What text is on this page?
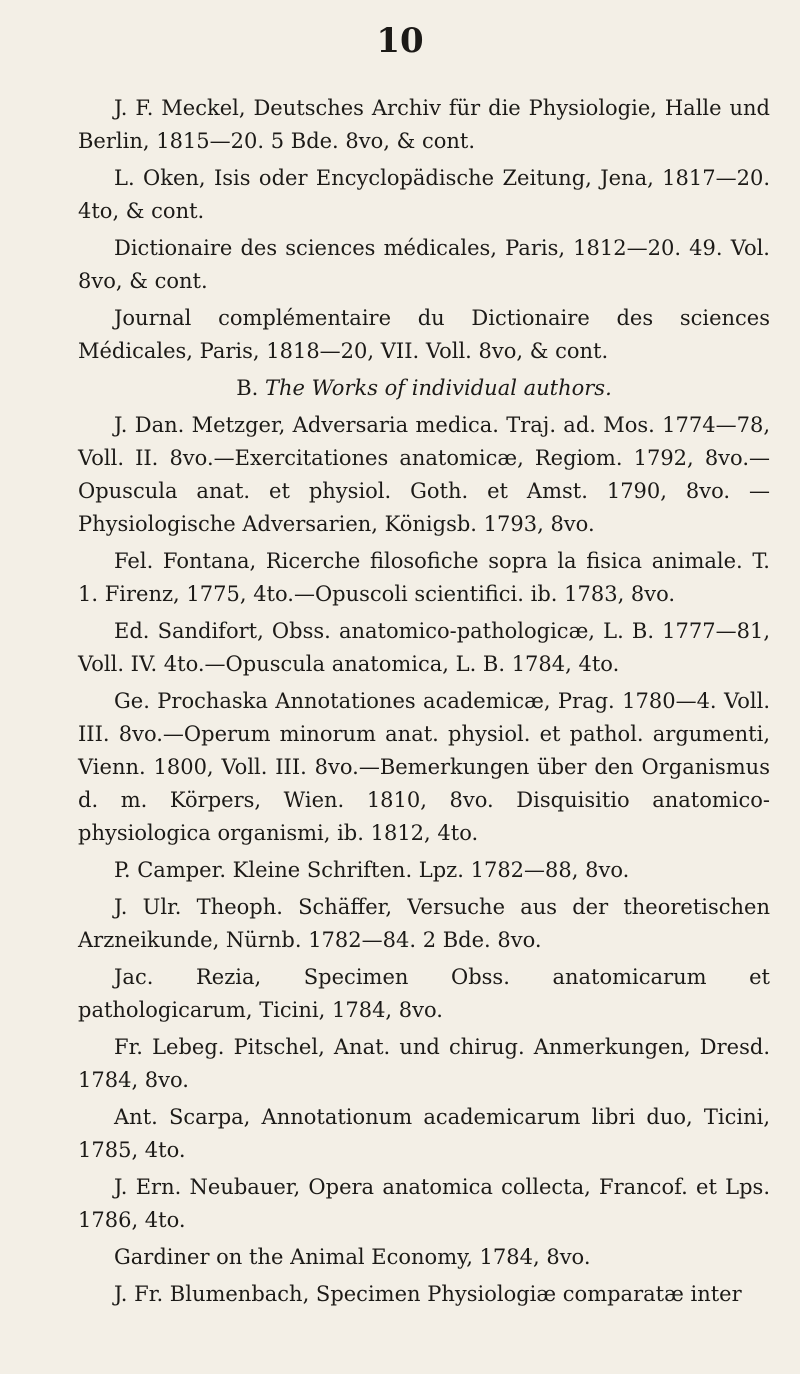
10

J. F. Meckel, Deutsches Archiv für die Physiologie, Halle und Berlin, 1815—20. 5 Bde. 8vo, & cont.

L. Oken, Isis oder Encyclopädische Zeitung, Jena, 1817—20. 4to, & cont.

Dictionaire des sciences médicales, Paris, 1812—20. 49. Vol. 8vo, & cont.

Journal complémentaire du Dictionaire des sciences Médicales, Paris, 1818—20, VII. Voll. 8vo, & cont.

B. The Works of individual authors.

J. Dan. Metzger, Adversaria medica. Traj. ad. Mos. 1774—78, Voll. II. 8vo.—Exercitationes anatomicæ, Regiom. 1792, 8vo.—Opuscula anat. et physiol. Goth. et Amst. 1790, 8vo. —Physiologische Adversarien, Königsb. 1793, 8vo.

Fel. Fontana, Ricerche filosofiche sopra la fisica animale. T. 1. Firenz, 1775, 4to.—Opuscoli scientifici. ib. 1783, 8vo.

Ed. Sandifort, Obss. anatomico-pathologicæ, L. B. 1777—81, Voll. IV. 4to.—Opuscula anatomica, L. B. 1784, 4to.

Ge. Prochaska Annotationes academicæ, Prag. 1780—4. Voll. III. 8vo.—Operum minorum anat. physiol. et pathol. argumenti, Vienn. 1800, Voll. III. 8vo.—Bemerkungen über den Organismus d. m. Körpers, Wien. 1810, 8vo. Disquisitio anatomico-physiologica organismi, ib. 1812, 4to.

P. Camper. Kleine Schriften. Lpz. 1782—88, 8vo.

J. Ulr. Theoph. Schäffer, Versuche aus der theoretischen Arzneikunde, Nürnb. 1782—84. 2 Bde. 8vo.

Jac. Rezia, Specimen Obss. anatomicarum et pathologicarum, Ticini, 1784, 8vo.

Fr. Lebeg. Pitschel, Anat. und chirug. Anmerkungen, Dresd. 1784, 8vo.

Ant. Scarpa, Annotationum academicarum libri duo, Ticini, 1785, 4to.

J. Ern. Neubauer, Opera anatomica collecta, Francof. et Lps. 1786, 4to.

Gardiner on the Animal Economy, 1784, 8vo.

J. Fr. Blumenbach, Specimen Physiologiæ comparatæ inter
